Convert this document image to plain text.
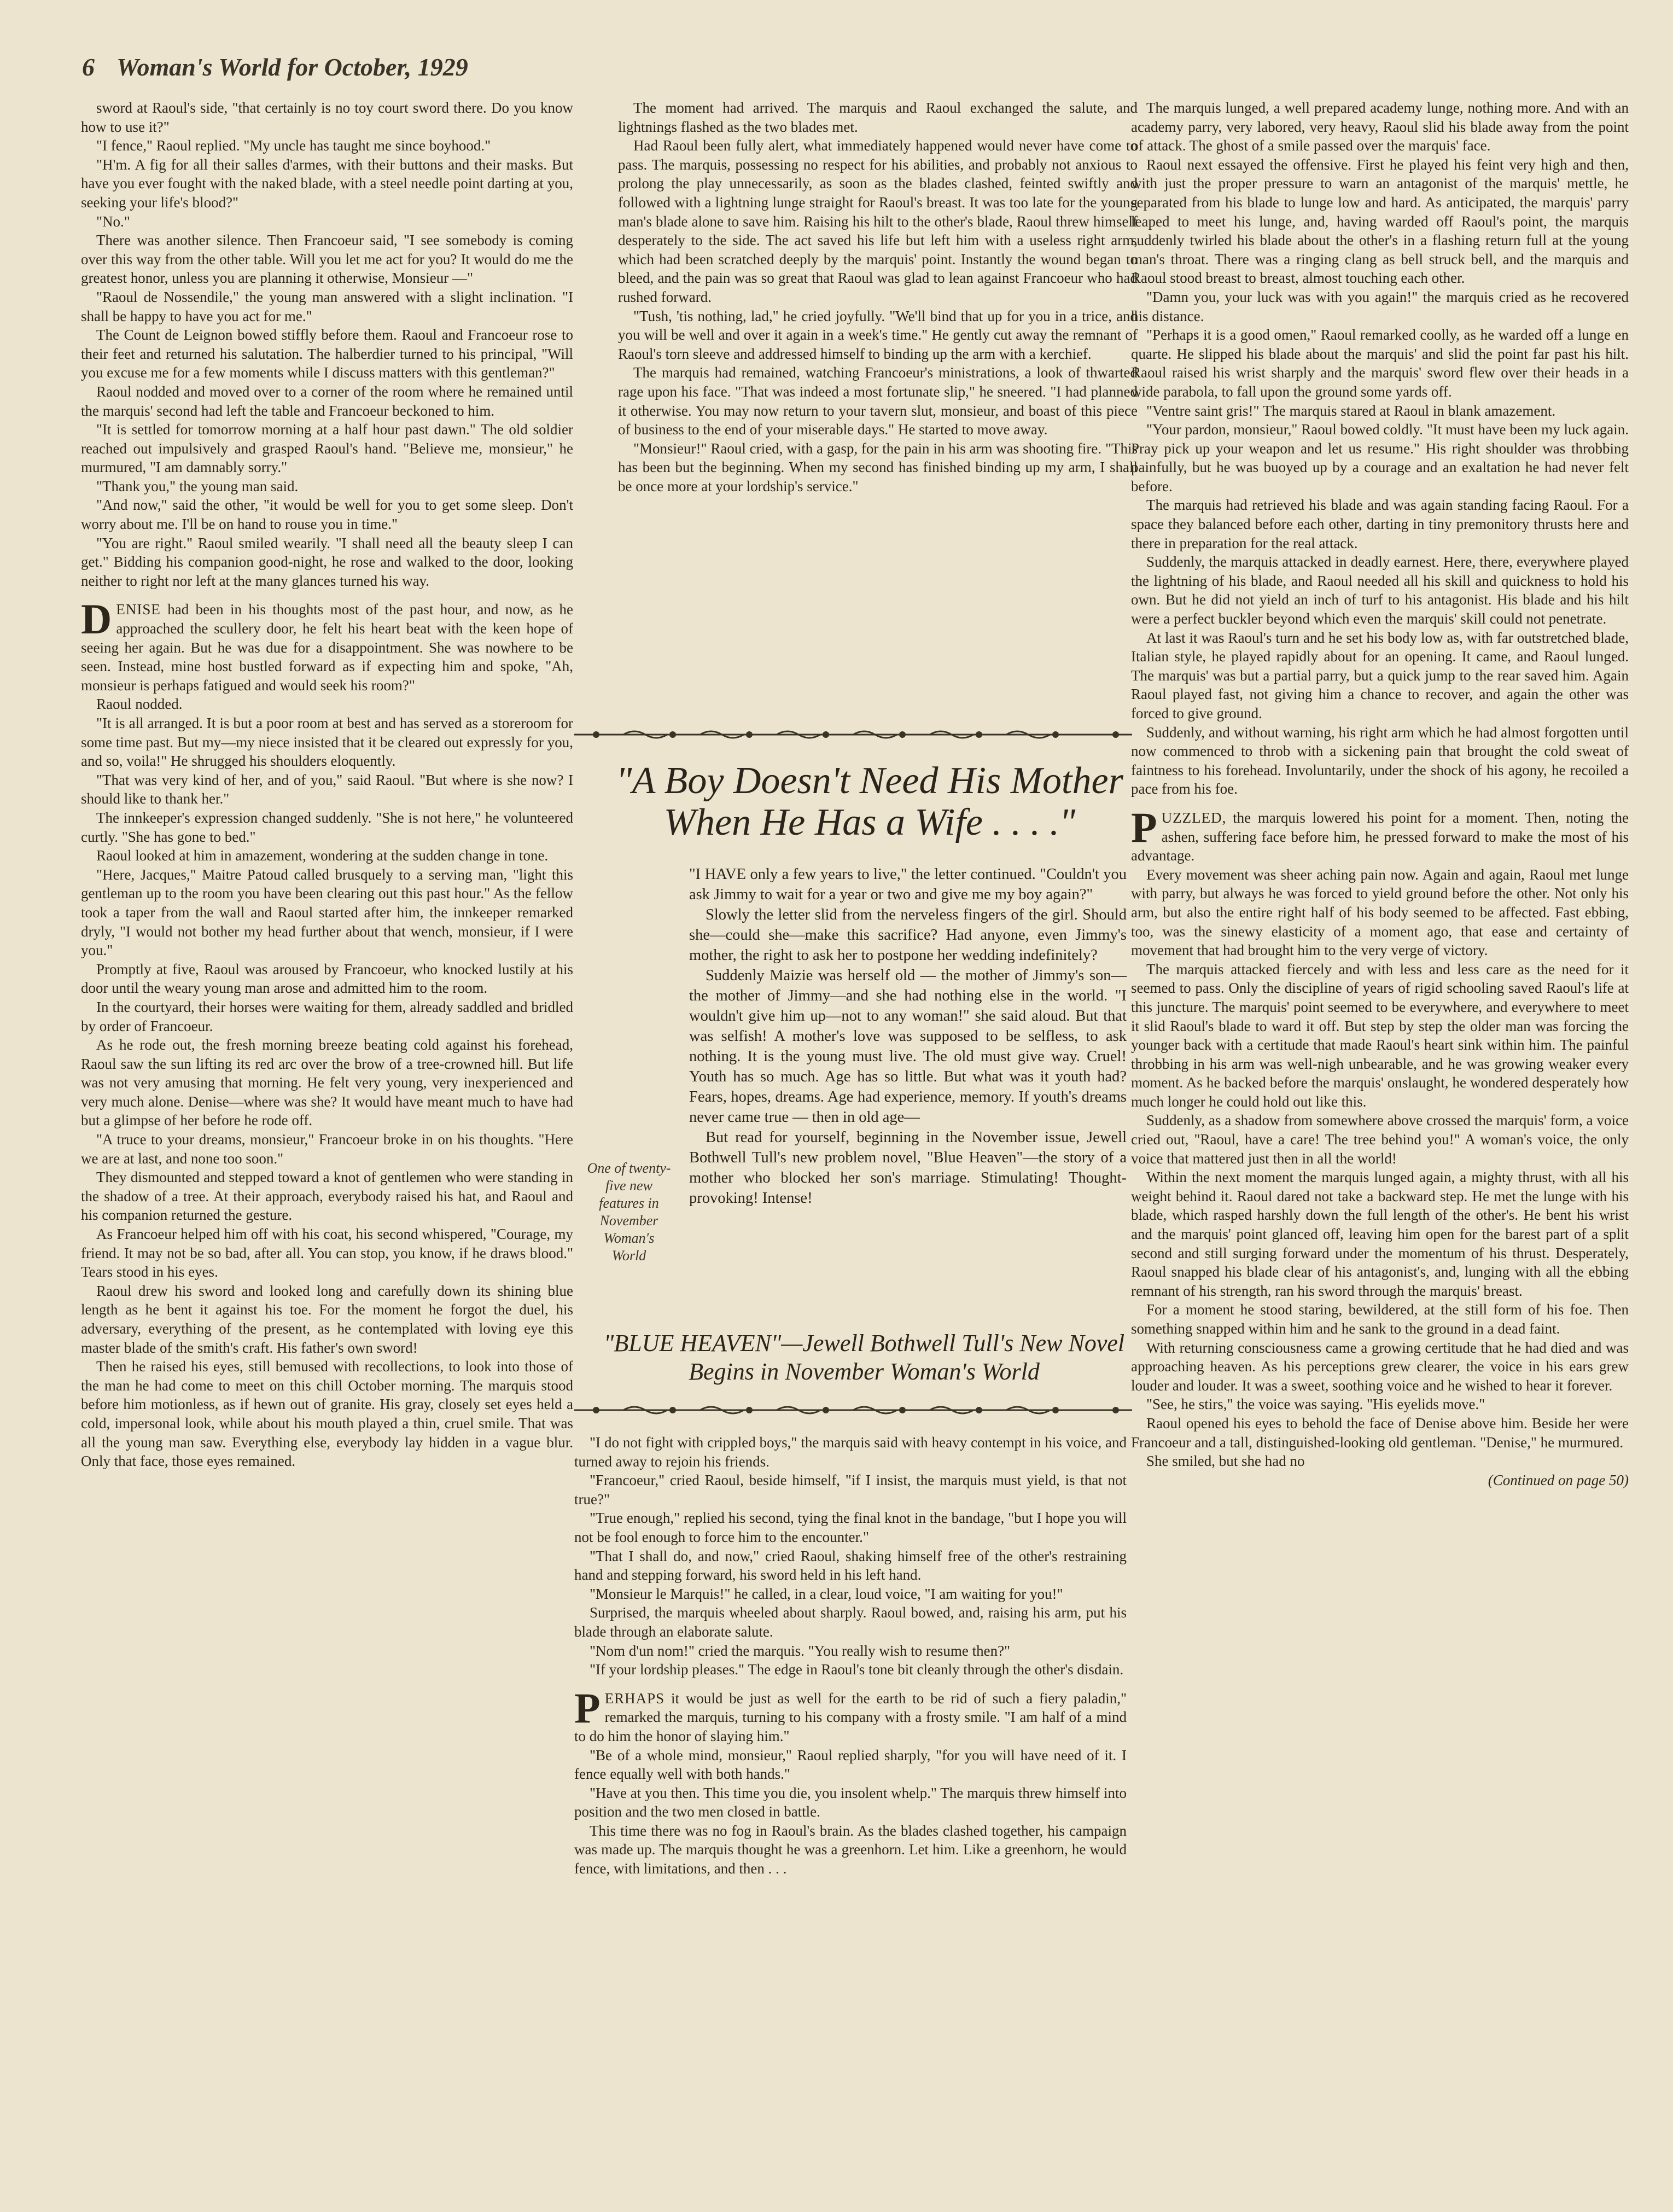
6 Woman's World for October, 1929

sword at Raoul's side, "that certainly is no toy court sword there. Do you know how to use it?"

"I fence," Raoul replied. "My uncle has taught me since boyhood."

"H'm. A fig for all their salles d'armes, with their buttons and their masks. But have you ever fought with the naked blade, with a steel needle point darting at you, seeking your life's blood?"

"No."

There was another silence. Then Francoeur said, "I see somebody is coming over this way from the other table. Will you let me act for you? It would do me the greatest honor, unless you are planning it otherwise, Monsieur —"

"Raoul de Nossendile," the young man answered with a slight inclination. "I shall be happy to have you act for me."

The Count de Leignon bowed stiffly before them. Raoul and Francoeur rose to their feet and returned his salutation. The halberdier turned to his principal, "Will you excuse me for a few moments while I discuss matters with this gentleman?"

Raoul nodded and moved over to a corner of the room where he remained until the marquis' second had left the table and Francoeur beckoned to him.

"It is settled for tomorrow morning at a half hour past dawn." The old soldier reached out impulsively and grasped Raoul's hand. "Believe me, monsieur," he murmured, "I am damnably sorry."

"Thank you," the young man said.

"And now," said the other, "it would be well for you to get some sleep. Don't worry about me. I'll be on hand to rouse you in time."

"You are right." Raoul smiled wearily. "I shall need all the beauty sleep I can get." Bidding his companion good-night, he rose and walked to the door, looking neither to right nor left at the many glances turned his way.

DENISE had been in his thoughts most of the past hour, and now, as he approached the scullery door, he felt his heart beat with the keen hope of seeing her again. But he was due for a disappointment. She was nowhere to be seen. Instead, mine host bustled forward as if expecting him and spoke, "Ah, monsieur is perhaps fatigued and would seek his room?"

Raoul nodded.

"It is all arranged. It is but a poor room at best and has served as a storeroom for some time past. But my—my niece insisted that it be cleared out expressly for you, and so, voila!" He shrugged his shoulders eloquently.

"That was very kind of her, and of you," said Raoul. "But where is she now? I should like to thank her."

The innkeeper's expression changed suddenly. "She is not here," he volunteered curtly. "She has gone to bed."

Raoul looked at him in amazement, wondering at the sudden change in tone.

"Here, Jacques," Maitre Patoud called brusquely to a serving man, "light this gentleman up to the room you have been clearing out this past hour." As the fellow took a taper from the wall and Raoul started after him, the innkeeper remarked dryly, "I would not bother my head further about that wench, monsieur, if I were you."

Promptly at five, Raoul was aroused by Francoeur, who knocked lustily at his door until the weary young man arose and admitted him to the room.

In the courtyard, their horses were waiting for them, already saddled and bridled by order of Francoeur.

As he rode out, the fresh morning breeze beating cold against his forehead, Raoul saw the sun lifting its red arc over the brow of a tree-crowned hill. But life was not very amusing that morning. He felt very young, very inexperienced and very much alone. Denise—where was she? It would have meant much to have had but a glimpse of her before he rode off.

"A truce to your dreams, monsieur," Francoeur broke in on his thoughts. "Here we are at last, and none too soon."

They dismounted and stepped toward a knot of gentlemen who were standing in the shadow of a tree. At their approach, everybody raised his hat, and Raoul and his companion returned the gesture.

As Francoeur helped him off with his coat, his second whispered, "Courage, my friend. It may not be so bad, after all. You can stop, you know, if he draws blood." Tears stood in his eyes.

Raoul drew his sword and looked long and carefully down its shining blue length as he bent it against his toe. For the moment he forgot the duel, his adversary, everything of the present, as he contemplated with loving eye this master blade of the smith's craft. His father's own sword!

Then he raised his eyes, still bemused with recollections, to look into those of the man he had come to meet on this chill October morning. The marquis stood before him motionless, as if hewn out of granite. His gray, closely set eyes held a cold, impersonal look, while about his mouth played a thin, cruel smile. That was all the young man saw. Everything else, everybody lay hidden in a vague blur. Only that face, those eyes remained.

The moment had arrived. The marquis and Raoul exchanged the salute, and lightnings flashed as the two blades met.

Had Raoul been fully alert, what immediately happened would never have come to pass. The marquis, possessing no respect for his abilities, and probably not anxious to prolong the play unnecessarily, as soon as the blades clashed, feinted swiftly and followed with a lightning lunge straight for Raoul's breast. It was too late for the young man's blade alone to save him. Raising his hilt to the other's blade, Raoul threw himself desperately to the side. The act saved his life but left him with a useless right arm, which had been scratched deeply by the marquis' point. Instantly the wound began to bleed, and the pain was so great that Raoul was glad to lean against Francoeur who had rushed forward.

"Tush, 'tis nothing, lad," he cried joyfully. "We'll bind that up for you in a trice, and you will be well and over it again in a week's time." He gently cut away the remnant of Raoul's torn sleeve and addressed himself to binding up the arm with a kerchief.

The marquis had remained, watching Francoeur's ministrations, a look of thwarted rage upon his face. "That was indeed a most fortunate slip," he sneered. "I had planned it otherwise. You may now return to your tavern slut, monsieur, and boast of this piece of business to the end of your miserable days." He started to move away.

"Monsieur!" Raoul cried, with a gasp, for the pain in his arm was shooting fire. "This has been but the beginning. When my second has finished binding up my arm, I shall be once more at your lordship's service."

"A Boy Doesn't Need His Mother When He Has a Wife . . . ."
One of twenty-five new features in November Woman's World

"I HAVE only a few years to live," the letter continued. "Couldn't you ask Jimmy to wait for a year or two and give me my boy again?"

Slowly the letter slid from the nerveless fingers of the girl. Should she—could she—make this sacrifice? Had anyone, even Jimmy's mother, the right to ask her to postpone her wedding indefinitely?

Suddenly Maizie was herself old — the mother of Jimmy's son—the mother of Jimmy—and she had nothing else in the world. "I wouldn't give him up—not to any woman!" she said aloud. But that was selfish! A mother's love was supposed to be selfless, to ask nothing. It is the young must live. The old must give way. Cruel! Youth has so much. Age has so little. But what was it youth had? Fears, hopes, dreams. Age had experience, memory. If youth's dreams never came true — then in old age—

But read for yourself, beginning in the November issue, Jewell Bothwell Tull's new problem novel, "Blue Heaven"—the story of a mother who blocked her son's marriage. Stimulating! Thought-provoking! Intense!

"BLUE HEAVEN"—Jewell Bothwell Tull's New Novel Begins in November Woman's World

"I do not fight with crippled boys," the marquis said with heavy contempt in his voice, and turned away to rejoin his friends.

"Francoeur," cried Raoul, beside himself, "if I insist, the marquis must yield, is that not true?"

"True enough," replied his second, tying the final knot in the bandage, "but I hope you will not be fool enough to force him to the encounter."

"That I shall do, and now," cried Raoul, shaking himself free of the other's restraining hand and stepping forward, his sword held in his left hand.

"Monsieur le Marquis!" he called, in a clear, loud voice, "I am waiting for you!"

Surprised, the marquis wheeled about sharply. Raoul bowed, and, raising his arm, put his blade through an elaborate salute.

"Nom d'un nom!" cried the marquis. "You really wish to resume then?"

"If your lordship pleases." The edge in Raoul's tone bit cleanly through the other's disdain.

PERHAPS it would be just as well for the earth to be rid of such a fiery paladin," remarked the marquis, turning to his company with a frosty smile. "I am half of a mind to do him the honor of slaying him."

"Be of a whole mind, monsieur," Raoul replied sharply, "for you will have need of it. I fence equally well with both hands."

"Have at you then. This time you die, you insolent whelp." The marquis threw himself into position and the two men closed in battle.

This time there was no fog in Raoul's brain. As the blades clashed together, his campaign was made up. The marquis thought he was a greenhorn. Let him. Like a greenhorn, he would fence, with limitations, and then . . .

The marquis lunged, a well prepared academy lunge, nothing more. And with an academy parry, very labored, very heavy, Raoul slid his blade away from the point of attack. The ghost of a smile passed over the marquis' face.

Raoul next essayed the offensive. First he played his feint very high and then, with just the proper pressure to warn an antagonist of the marquis' mettle, he separated from his blade to lunge low and hard. As anticipated, the marquis' parry leaped to meet his lunge, and, having warded off Raoul's point, the marquis suddenly twirled his blade about the other's in a flashing return full at the young man's throat. There was a ringing clang as bell struck bell, and the marquis and Raoul stood breast to breast, almost touching each other.

"Damn you, your luck was with you again!" the marquis cried as he recovered his distance.

"Perhaps it is a good omen," Raoul remarked coolly, as he warded off a lunge en quarte. He slipped his blade about the marquis' and slid the point far past his hilt. Raoul raised his wrist sharply and the marquis' sword flew over their heads in a wide parabola, to fall upon the ground some yards off.

"Ventre saint gris!" The marquis stared at Raoul in blank amazement.

"Your pardon, monsieur," Raoul bowed coldly. "It must have been my luck again. Pray pick up your weapon and let us resume." His right shoulder was throbbing painfully, but he was buoyed up by a courage and an exaltation he had never felt before.

The marquis had retrieved his blade and was again standing facing Raoul. For a space they balanced before each other, darting in tiny premonitory thrusts here and there in preparation for the real attack.

Suddenly, the marquis attacked in deadly earnest. Here, there, everywhere played the lightning of his blade, and Raoul needed all his skill and quickness to hold his own. But he did not yield an inch of turf to his antagonist. His blade and his hilt were a perfect buckler beyond which even the marquis' skill could not penetrate.

At last it was Raoul's turn and he set his body low as, with far outstretched blade, Italian style, he played rapidly about for an opening. It came, and Raoul lunged. The marquis' was but a partial parry, but a quick jump to the rear saved him. Again Raoul played fast, not giving him a chance to recover, and again the other was forced to give ground.

Suddenly, and without warning, his right arm which he had almost forgotten until now commenced to throb with a sickening pain that brought the cold sweat of faintness to his forehead. Involuntarily, under the shock of his agony, he recoiled a pace from his foe.

PUZZLED, the marquis lowered his point for a moment. Then, noting the ashen, suffering face before him, he pressed forward to make the most of his advantage.

Every movement was sheer aching pain now. Again and again, Raoul met lunge with parry, but always he was forced to yield ground before the other. Not only his arm, but also the entire right half of his body seemed to be affected. Fast ebbing, too, was the sinewy elasticity of a moment ago, that ease and certainty of movement that had brought him to the very verge of victory.

The marquis attacked fiercely and with less and less care as the need for it seemed to pass. Only the discipline of years of rigid schooling saved Raoul's life at this juncture. The marquis' point seemed to be everywhere, and everywhere to meet it slid Raoul's blade to ward it off. But step by step the older man was forcing the younger back with a certitude that made Raoul's heart sink within him. The painful throbbing in his arm was well-nigh unbearable, and he was growing weaker every moment. As he backed before the marquis' onslaught, he wondered desperately how much longer he could hold out like this.

Suddenly, as a shadow from somewhere above crossed the marquis' form, a voice cried out, "Raoul, have a care! The tree behind you!" A woman's voice, the only voice that mattered just then in all the world!

Within the next moment the marquis lunged again, a mighty thrust, with all his weight behind it. Raoul dared not take a backward step. He met the lunge with his blade, which rasped harshly down the full length of the other's. He bent his wrist and the marquis' point glanced off, leaving him open for the barest part of a split second and still surging forward under the momentum of his thrust. Desperately, Raoul snapped his blade clear of his antagonist's, and, lunging with all the ebbing remnant of his strength, ran his sword through the marquis' breast.

For a moment he stood staring, bewildered, at the still form of his foe. Then something snapped within him and he sank to the ground in a dead faint.

With returning consciousness came a growing certitude that he had died and was approaching heaven. As his perceptions grew clearer, the voice in his ears grew louder and louder. It was a sweet, soothing voice and he wished to hear it forever.

"See, he stirs," the voice was saying. "His eyelids move."

Raoul opened his eyes to behold the face of Denise above him. Beside her were Francoeur and a tall, distinguished-looking old gentleman. "Denise," he murmured.

She smiled, but she had no

(Continued on page 50)
